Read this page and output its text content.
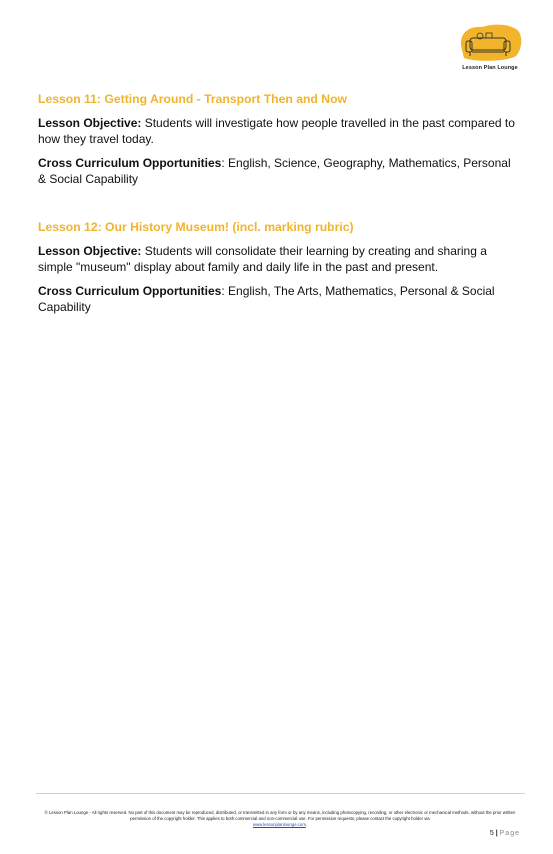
Lesson Plan Lounge
Lesson 11: Getting Around - Transport Then and Now

Lesson Objective: Students will investigate how people travelled in the past compared to how they travel today.

Cross Curriculum Opportunities: English, Science, Geography, Mathematics, Personal & Social Capability

Lesson 12: Our History Museum! (incl. marking rubric)

Lesson Objective: Students will consolidate their learning by creating and sharing a simple "museum" display about family and daily life in the past and present.

Cross Curriculum Opportunities: English, The Arts, Mathematics, Personal & Social Capability

© Lesson Plan Lounge - All rights reserved. No part of this document may be reproduced, distributed, or transmitted in any form or by any means, including photocopying, recording, or other electronic or mechanical methods, without the prior written permission of the copyright holder. This applies to both commercial and non-commercial use. For permission requests, please contact the copyright holder via
www.lessonplanlounge.com.
5 | Page
